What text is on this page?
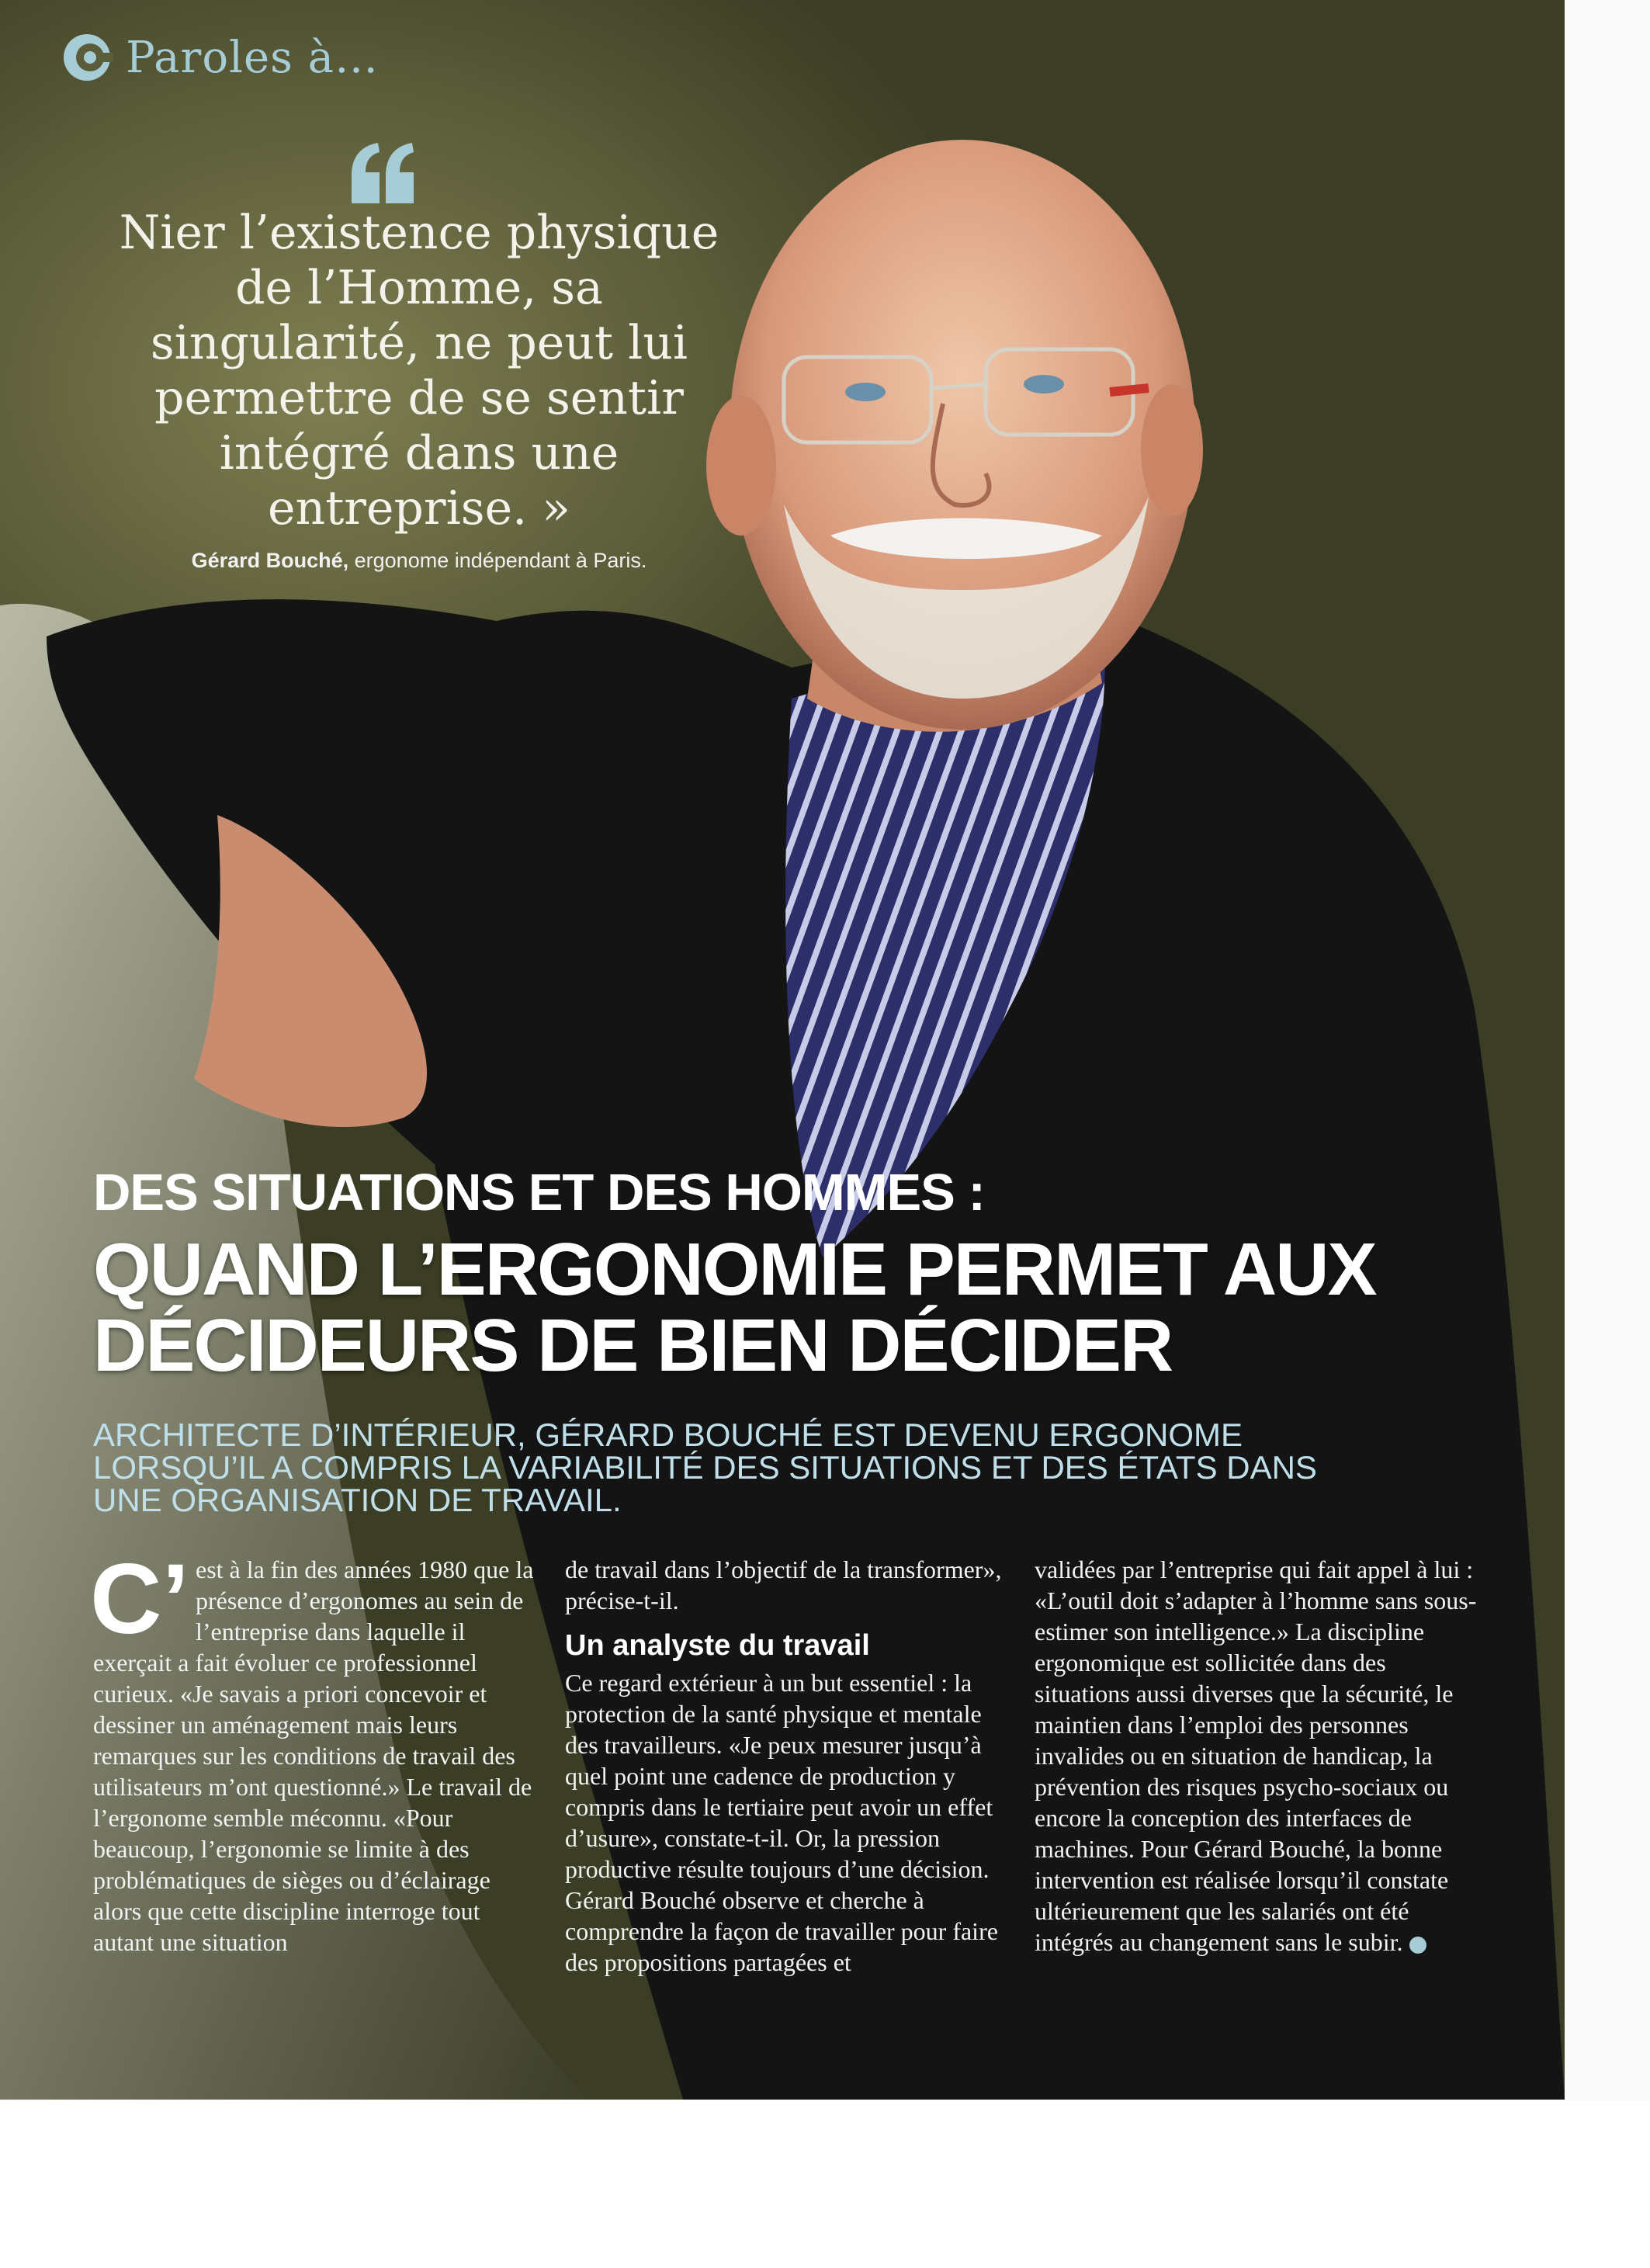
Paroles à…

Nier l’existence physique de l’Homme, sa singularité, ne peut lui permettre de se sentir intégré dans une entreprise. »

Gérard Bouché, ergonome indépendant à Paris.
DES SITUATIONS ET DES HOMMES :
QUAND L’ERGONOMIE PERMET AUX DÉCIDEURS DE BIEN DÉCIDER

ARCHITECTE D’INTÉRIEUR, GÉRARD BOUCHÉ EST DEVENU ERGONOME LORSQU’IL A COMPRIS LA VARIABILITÉ DES SITUATIONS ET DES ÉTATS DANS UNE ORGANISATION DE TRAVAIL.

C’ est à la fin des années 1980 que la présence d’ergonomes au sein de l’entreprise dans laquelle il exerçait a fait évoluer ce professionnel curieux. «Je savais a priori concevoir et dessiner un aménagement mais leurs remarques sur les conditions de travail des utilisateurs m’ont questionné.» Le travail de l’ergonome semble méconnu. «Pour beaucoup, l’ergonomie se limite à des problématiques de sièges ou d’éclairage alors que cette discipline interroge tout autant une situation

de travail dans l’objectif de la transformer», précise-t-il.
Un analyste du travail
Ce regard extérieur à un but essentiel : la protection de la santé physique et mentale des travailleurs. «Je peux mesurer jusqu’à quel point une cadence de production y compris dans le tertiaire peut avoir un effet d’usure», constate-t-il. Or, la pression productive résulte toujours d’une décision. Gérard Bouché observe et cherche à comprendre la façon de travailler pour faire des propositions partagées et

validées par l’entreprise qui fait appel à lui : «L’outil doit s’adapter à l’homme sans sous-estimer son intelligence.» La discipline ergonomique est sollicitée dans des situations aussi diverses que la sécurité, le maintien dans l’emploi des personnes invalides ou en situation de handicap, la prévention des risques psycho-sociaux ou encore la conception des interfaces de machines. Pour Gérard Bouché, la bonne intervention est réalisée lorsqu’il constate ultérieurement que les salariés ont été intégrés au changement sans le subir.
